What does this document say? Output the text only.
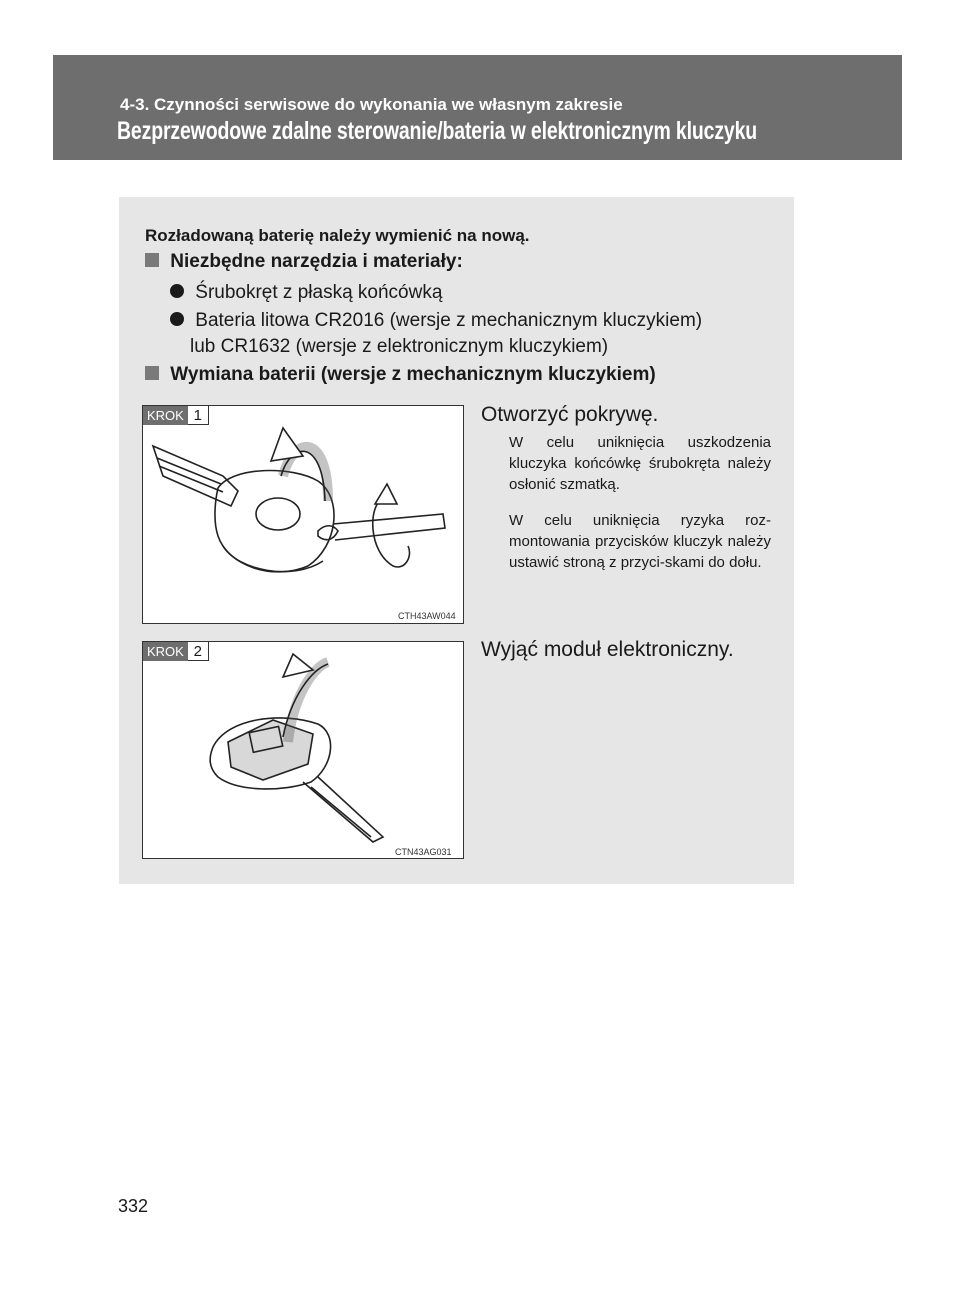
4-3. Czynności serwisowe do wykonania we własnym zakresie
Bezprzewodowe zdalne sterowanie/bateria w elektronicznym kluczyku
Rozładowaną baterię należy wymienić na nową.
Niezbędne narzędzia i materiały:
Śrubokręt z płaską końcówką
Bateria litowa CR2016 (wersje z mechanicznym kluczykiem)
lub CR1632 (wersje z elektronicznym kluczykiem)
Wymiana baterii (wersje z mechanicznym kluczykiem)
KROK 1
CTH43AW044
Otworzyć pokrywę.
W celu uniknięcia uszkodzenia kluczyka końcówkę śrubokręta należy osłonić szmatką.
W celu uniknięcia ryzyka roz-montowania przycisków kluczyk należy ustawić stroną z przyci-skami do dołu.
KROK 2
CTN43AG031
Wyjąć moduł elektroniczny.
332
